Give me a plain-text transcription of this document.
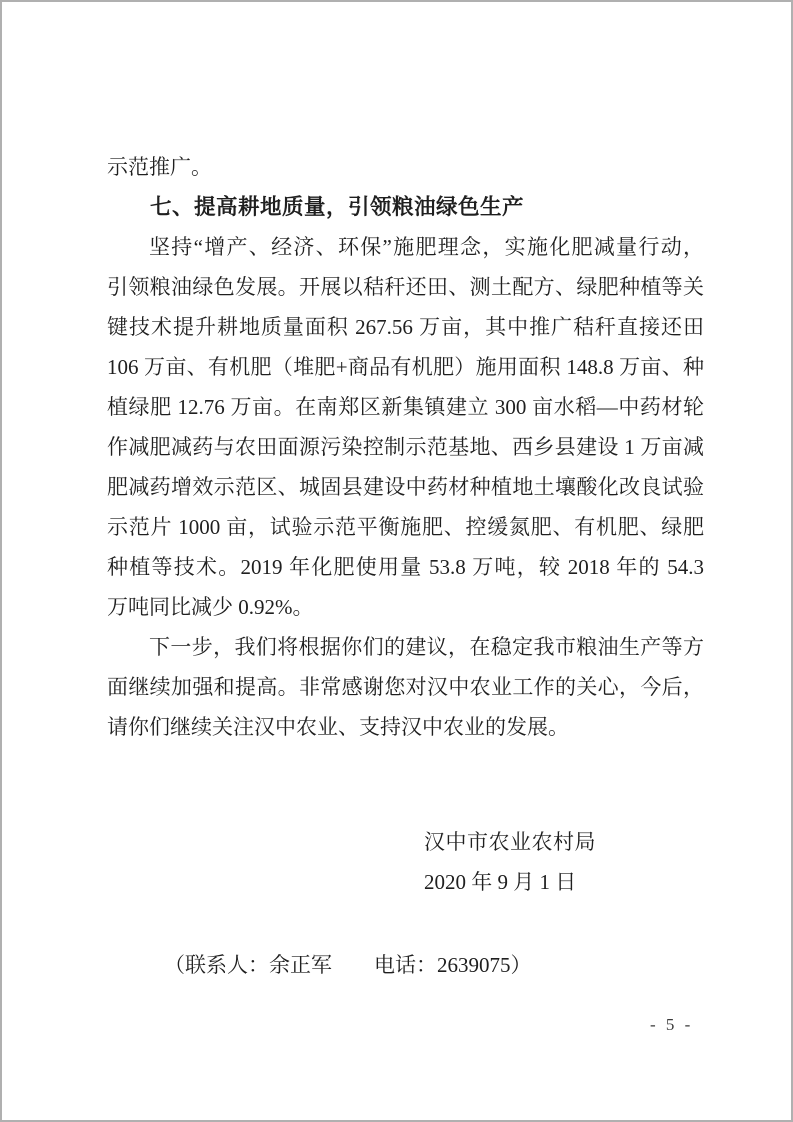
示范推广。
七、提高耕地质量，引领粮油绿色生产
坚持“增产、经济、环保”施肥理念，实施化肥减量行动，
引领粮油绿色发展。开展以秸秆还田、测土配方、绿肥种植等关
键技术提升耕地质量面积 267.56 万亩，其中推广秸秆直接还田
106 万亩、有机肥（堆肥+商品有机肥）施用面积 148.8 万亩、种
植绿肥 12.76 万亩。在南郑区新集镇建立 300 亩水稻—中药材轮
作减肥减药与农田面源污染控制示范基地、西乡县建设 1 万亩减
肥减药增效示范区、城固县建设中药材种植地土壤酸化改良试验
示范片 1000 亩，试验示范平衡施肥、控缓氮肥、有机肥、绿肥
种植等技术。2019 年化肥使用量 53.8 万吨，较 2018 年的 54.3
万吨同比减少 0.92%。
下一步，我们将根据你们的建议，在稳定我市粮油生产等方
面继续加强和提高。非常感谢您对汉中农业工作的关心，今后，
请你们继续关注汉中农业、支持汉中农业的发展。
汉中市农业农村局
2020 年 9 月 1 日
（联系人：余正军　　电话：2639075）
- 5 -
